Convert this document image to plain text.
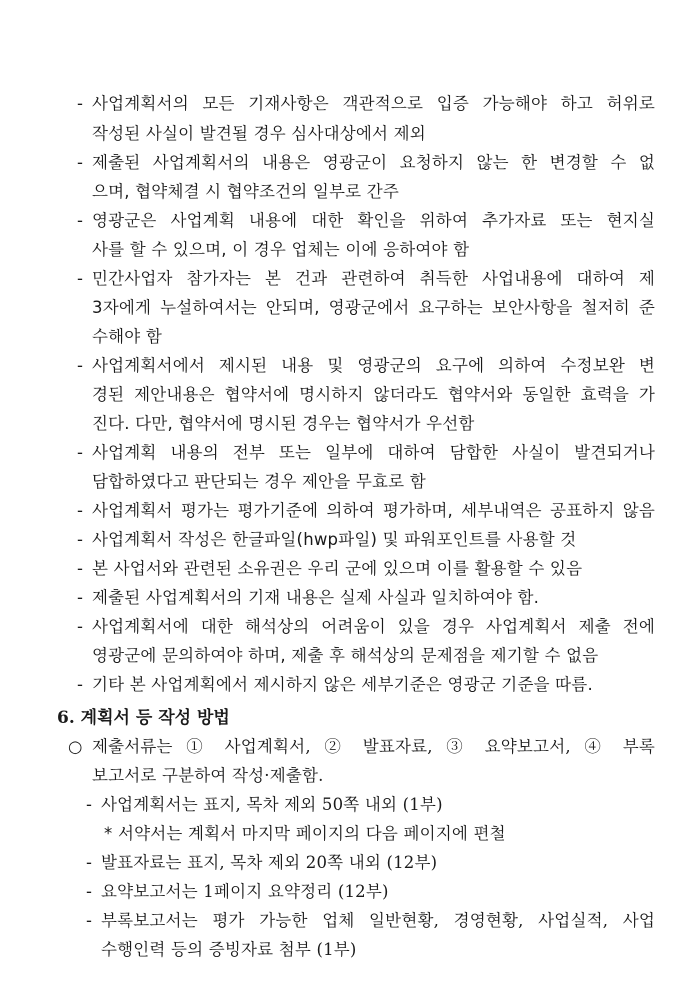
- 사업계획서의 모든 기재사항은 객관적으로 입증 가능해야 하고 허위로
작성된 사실이 발견될 경우 심사대상에서 제외
- 제출된 사업계획서의 내용은 영광군이 요청하지 않는 한 변경할 수 없
으며, 협약체결 시 협약조건의 일부로 간주
- 영광군은 사업계획 내용에 대한 확인을 위하여 추가자료 또는 현지실
사를 할 수 있으며, 이 경우 업체는 이에 응하여야 함
- 민간사업자 참가자는 본 건과 관련하여 취득한 사업내용에 대하여 제
3자에게 누설하여서는 안되며, 영광군에서 요구하는 보안사항을 철저히 준
수해야 함
- 사업계획서에서 제시된 내용 및 영광군의 요구에 의하여 수정보완 변
경된 제안내용은 협약서에 명시하지 않더라도 협약서와 동일한 효력을 가
진다. 다만, 협약서에 명시된 경우는 협약서가 우선함
- 사업계획 내용의 전부 또는 일부에 대하여 담합한 사실이 발견되거나
담합하였다고 판단되는 경우 제안을 무효로 함
- 사업계획서 평가는 평가기준에 의하여 평가하며, 세부내역은 공표하지 않음
- 사업계획서 작성은 한글파일(hwp파일) 및 파워포인트를 사용할 것
- 본 사업서와 관련된 소유권은 우리 군에 있으며 이를 활용할 수 있음
- 제출된 사업계획서의 기재 내용은 실제 사실과 일치하여야 함.
- 사업계획서에 대한 해석상의 어려움이 있을 경우 사업계획서 제출 전에
영광군에 문의하여야 하며, 제출 후 해석상의 문제점을 제기할 수 없음
- 기타 본 사업계획에서 제시하지 않은 세부기준은 영광군 기준을 따름.
6. 계획서 등 작성 방법
○ 제출서류는 ① 사업계획서, ② 발표자료, ③ 요약보고서, ④ 부록
보고서로 구분하여 작성·제출함.
- 사업계획서는 표지, 목차 제외 50쪽 내외 (1부)
* 서약서는 계획서 마지막 페이지의 다음 페이지에 편철
- 발표자료는 표지, 목차 제외 20쪽 내외 (12부)
- 요약보고서는 1페이지 요약정리 (12부)
- 부록보고서는 평가 가능한 업체 일반현황, 경영현황, 사업실적, 사업
수행인력 등의 증빙자료 첨부 (1부)
